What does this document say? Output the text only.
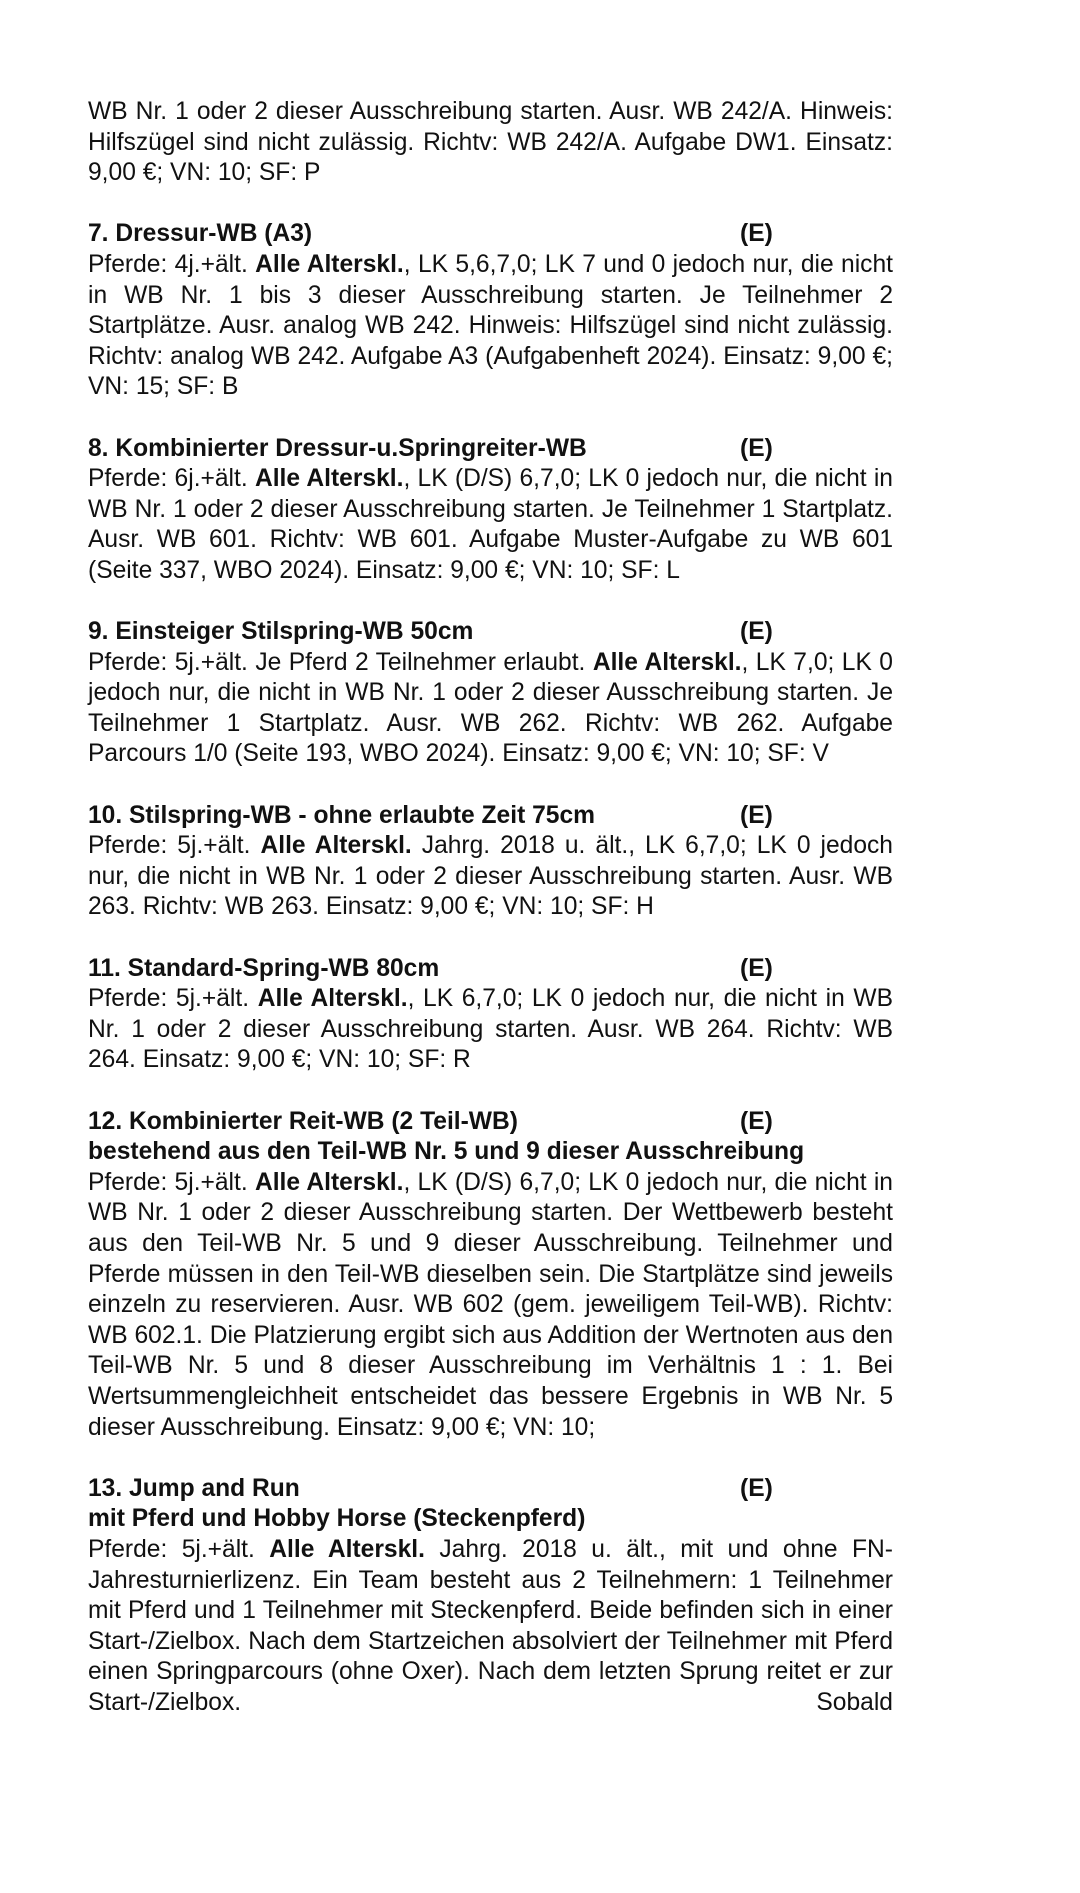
WB Nr. 1 oder 2 dieser Ausschreibung starten. Ausr. WB 242/A. Hinweis: Hilfszügel sind nicht zulässig. Richtv: WB 242/A. Aufgabe DW1. Einsatz: 9,00 €; VN: 10; SF: P

7. Dressur-WB (A3)	(E)

Pferde: 4j.+ält. Alle Alterskl., LK 5,6,7,0; LK 7 und 0 jedoch nur, die nicht in WB Nr. 1 bis 3 dieser Ausschreibung starten. Je Teilnehmer 2 Startplätze. Ausr. analog WB 242. Hinweis: Hilfszügel sind nicht zulässig. Richtv: analog WB 242. Aufgabe A3 (Aufgabenheft 2024). Einsatz: 9,00 €; VN: 15; SF: B

8. Kombinierter Dressur-u.Springreiter-WB	(E)

Pferde: 6j.+ält. Alle Alterskl., LK (D/S) 6,7,0; LK 0 jedoch nur, die nicht in WB Nr. 1 oder 2 dieser Ausschreibung starten. Je Teilnehmer 1 Startplatz. Ausr. WB 601. Richtv: WB 601. Aufgabe Muster-Aufgabe zu WB 601 (Seite 337, WBO 2024). Einsatz: 9,00 €; VN: 10; SF: L

9. Einsteiger Stilspring-WB 50cm	(E)

Pferde: 5j.+ält. Je Pferd 2 Teilnehmer erlaubt. Alle Alterskl., LK 7,0; LK 0 jedoch nur, die nicht in WB Nr. 1 oder 2 dieser Ausschreibung starten. Je Teilnehmer 1 Startplatz. Ausr. WB 262. Richtv: WB 262. Aufgabe Parcours 1/0 (Seite 193, WBO 2024). Einsatz: 9,00 €; VN: 10; SF: V

10. Stilspring-WB - ohne erlaubte Zeit 75cm	(E)

Pferde: 5j.+ält. Alle Alterskl. Jahrg. 2018 u. ält., LK 6,7,0; LK 0 jedoch nur, die nicht in WB Nr. 1 oder 2 dieser Ausschreibung starten. Ausr. WB 263. Richtv: WB 263. Einsatz: 9,00 €; VN: 10; SF: H

11. Standard-Spring-WB 80cm	(E)

Pferde: 5j.+ält. Alle Alterskl., LK 6,7,0; LK 0 jedoch nur, die nicht in WB Nr. 1 oder 2 dieser Ausschreibung starten. Ausr. WB 264. Richtv: WB 264. Einsatz: 9,00 €; VN: 10; SF: R

12. Kombinierter Reit-WB (2 Teil-WB)	(E)

bestehend aus den Teil-WB Nr. 5 und 9 dieser Ausschreibung

Pferde: 5j.+ält. Alle Alterskl., LK (D/S) 6,7,0; LK 0 jedoch nur, die nicht in WB Nr. 1 oder 2 dieser Ausschreibung starten. Der Wettbewerb besteht aus den Teil-WB Nr. 5 und 9 dieser Ausschreibung. Teilnehmer und Pferde müssen in den Teil-WB dieselben sein. Die Startplätze sind jeweils einzeln zu reservieren. Ausr. WB 602 (gem. jeweiligem Teil-WB). Richtv: WB 602.1. Die Platzierung ergibt sich aus Addition der Wertnoten aus den Teil-WB Nr. 5 und 8 dieser Ausschreibung im Verhältnis 1 : 1. Bei Wertsummengleichheit entscheidet das bessere Ergebnis in WB Nr. 5 dieser Ausschreibung. Einsatz: 9,00 €; VN: 10;

13. Jump and Run	(E)

mit Pferd und Hobby Horse (Steckenpferd)

Pferde: 5j.+ält. Alle Alterskl. Jahrg. 2018 u. ält., mit und ohne FN-Jahresturnierlizenz. Ein Team besteht aus 2 Teilnehmern: 1 Teilnehmer mit Pferd und 1 Teilnehmer mit Steckenpferd. Beide befinden sich in einer Start-/Zielbox. Nach dem Startzeichen absolviert der Teilnehmer mit Pferd einen Springparcours (ohne Oxer). Nach dem letzten Sprung reitet er zur Start-/Zielbox. Sobald
